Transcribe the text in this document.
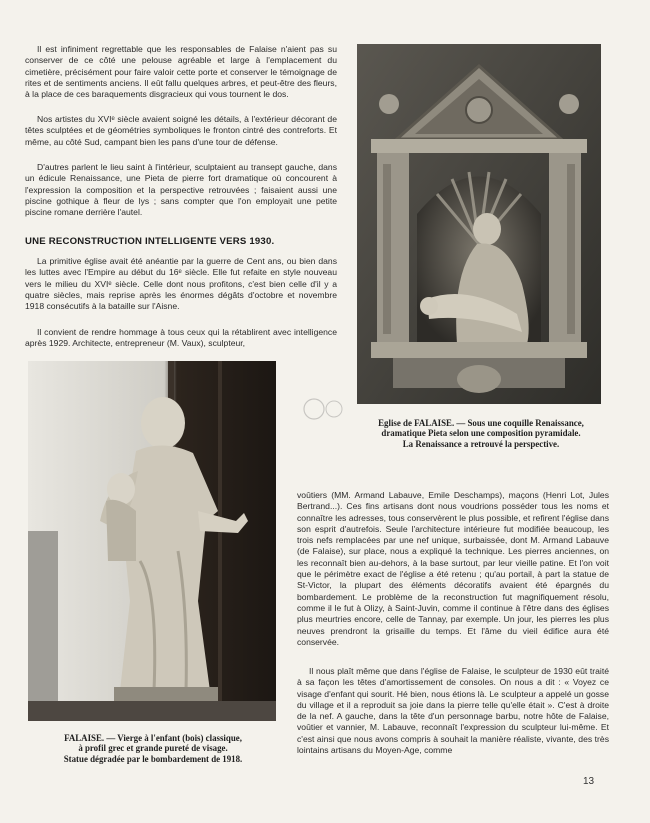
Il est infiniment regrettable que les responsables de Falaise n'aient pas su conserver de ce côté une pelouse agréable et large à l'emplacement du cimetière, précisément pour faire valoir cette porte et conserver le témoignage de rites et de sentiments anciens. Il eût fallu quelques arbres, et peut-être des fleurs, à la place de ces baraquements disgracieux qui vous tournent le dos.

Nos artistes du XVIᵉ siècle avaient soigné les détails, à l'extérieur décorant de têtes sculptées et de géométries symboliques le fronton cintré des contreforts. Et même, au côté Sud, campant bien les pans d'une tour de défense.

D'autres parlent le lieu saint à l'intérieur, sculptaient au transept gauche, dans un édicule Renaissance, une Pieta de pierre fort dramatique où concourent à l'expression la composition et la perspective retrouvées ; faisaient aussi une piscine gothique à fleur de lys ; sans compter que l'on employait une petite piscine romane derrière l'autel.

UNE RECONSTRUCTION INTELLIGENTE VERS 1930.

La primitive église avait été anéantie par la guerre de Cent ans, ou bien dans les luttes avec l'Empire au début du 16ᵉ siècle. Elle fut refaite en style nouveau vers le milieu du XVIᵉ siècle. Celle dont nous profitons, c'est bien celle d'il y a quatre siècles, mais reprise après les énormes dégâts d'octobre et novembre 1918 consécutifs à la bataille sur l'Aisne.

Il convient de rendre hommage à tous ceux qui la rétablirent avec intelligence après 1929. Architecte, entrepreneur (M. Vaux), sculpteur,

Eglise de FALAISE. — Sous une coquille Renaissance,
dramatique Pieta selon une composition pyramidale.
La Renaissance a retrouvé la perspective.

FALAISE. — Vierge à l'enfant (bois) classique,
à profil grec et grande pureté de visage.
Statue dégradée par le bombardement de 1918.

voûtiers (MM. Armand Labauve, Emile Deschamps), maçons (Henri Lot, Jules Bertrand...). Ces fins artisans dont nous voudrions posséder tous les noms et connaître les adresses, tous conservèrent le plus possible, et refirent l'église dans son esprit d'autrefois. Seule l'architecture intérieure fut modifiée beaucoup, les trois nefs remplacées par une nef unique, surbaissée, dont M. Armand Labauve (de Falaise), sur place, nous a expliqué la technique. Les pierres anciennes, on les reconnaît bien au-dehors, à la base surtout, par leur vieille patine. Et l'on voit que le périmètre exact de l'église a été retenu ; qu'au portail, à part la statue de St-Victor, la plupart des éléments décoratifs avaient été épargnés du bombardement. Le problème de la reconstruction fut magnifiquement résolu, comme il le fut à Olizy, à Saint-Juvin, comme il continue à l'être dans des églises plus meurtries encore, celle de Tannay, par exemple. Un jour, les pierres les plus neuves prendront la grisaille du temps. Et l'âme du vieil édifice aura été conservée.

Il nous plaît même que dans l'église de Falaise, le sculpteur de 1930 eût traité à sa façon les têtes d'amortissement de consoles. On nous a dit : « Voyez ce visage d'enfant qui sourit. Hé bien, nous étions là. Le sculpteur a appelé un gosse du village et il a reproduit sa joie dans la pierre telle qu'elle était ». C'est à droite de la nef. A gauche, dans la tête d'un personnage barbu, notre hôte de Falaise, voûtier et vannier, M. Labauve, reconnaît l'expression du sculpteur lui-même. Et c'est ainsi que nous avons compris à souhait la manière réaliste, vivante, des très lointains artisans du Moyen-Age, comme

13
